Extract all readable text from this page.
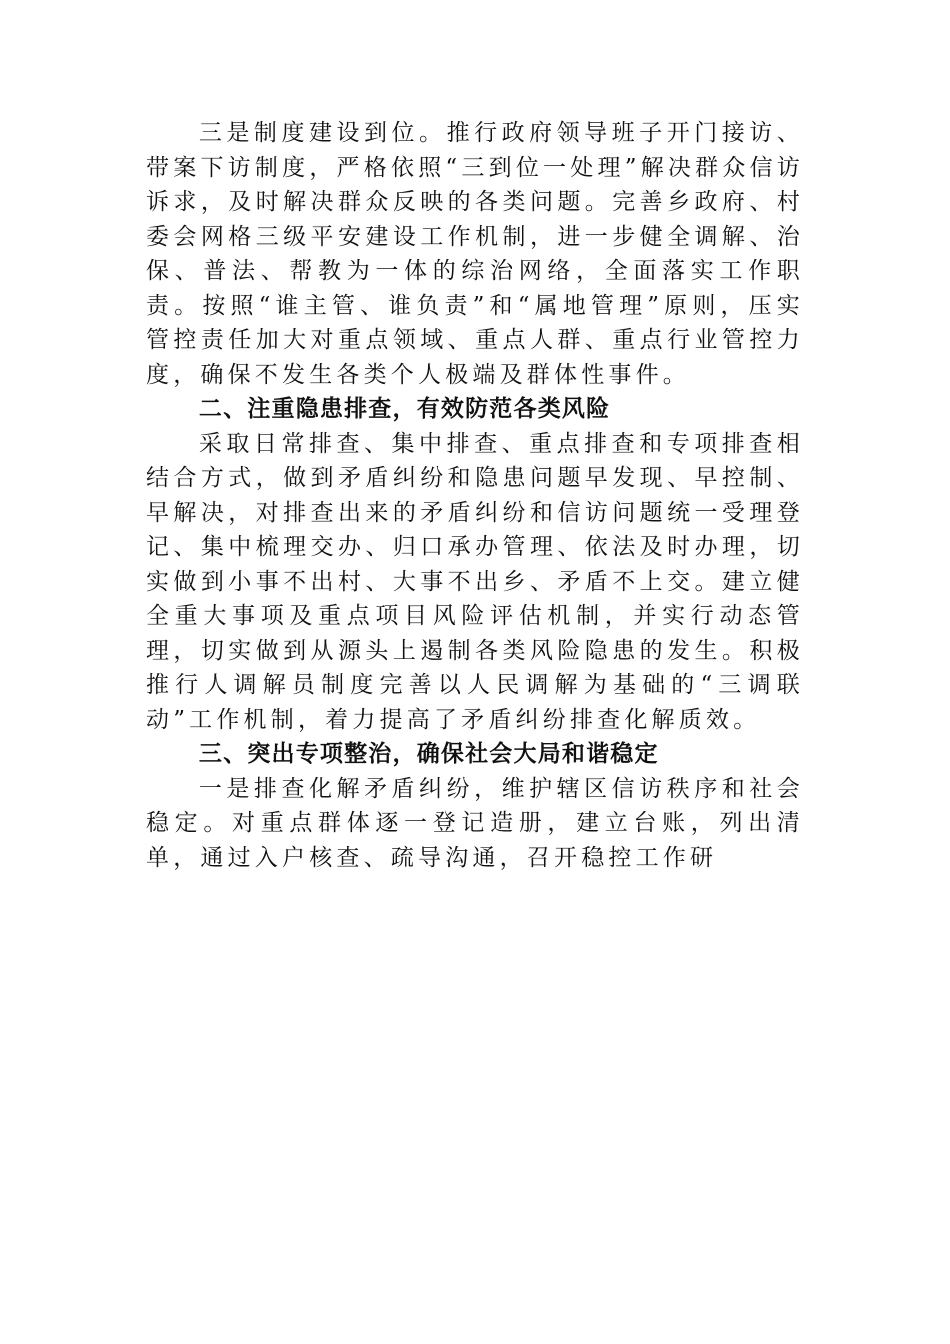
三是制度建设到位。推行政府领导班子开门接访、带案下访制度，严格依照“三到位一处理”解决群众信访诉求，及时解决群众反映的各类问题。完善乡政府、村委会网格三级平安建设工作机制，进一步健全调解、治保、普法、帮教为一体的综治网络，全面落实工作职责。按照“谁主管、谁负责”和“属地管理”原则，压实管控责任加大对重点领域、重点人群、重点行业管控力度，确保不发生各类个人极端及群体性事件。

二、注重隐患排查，有效防范各类风险

采取日常排查、集中排查、重点排查和专项排查相结合方式，做到矛盾纠纷和隐患问题早发现、早控制、早解决，对排查出来的矛盾纠纷和信访问题统一受理登记、集中梳理交办、归口承办管理、依法及时办理，切实做到小事不出村、大事不出乡、矛盾不上交。建立健全重大事项及重点项目风险评估机制，并实行动态管理，切实做到从源头上遏制各类风险隐患的发生。积极推行人调解员制度完善以人民调解为基础的“三调联动”工作机制，着力提高了矛盾纠纷排查化解质效。

三、突出专项整治，确保社会大局和谐稳定

一是排查化解矛盾纠纷，维护辖区信访秩序和社会稳定。对重点群体逐一登记造册，建立台账，列出清单，通过入户核查、疏导沟通，召开稳控工作研
